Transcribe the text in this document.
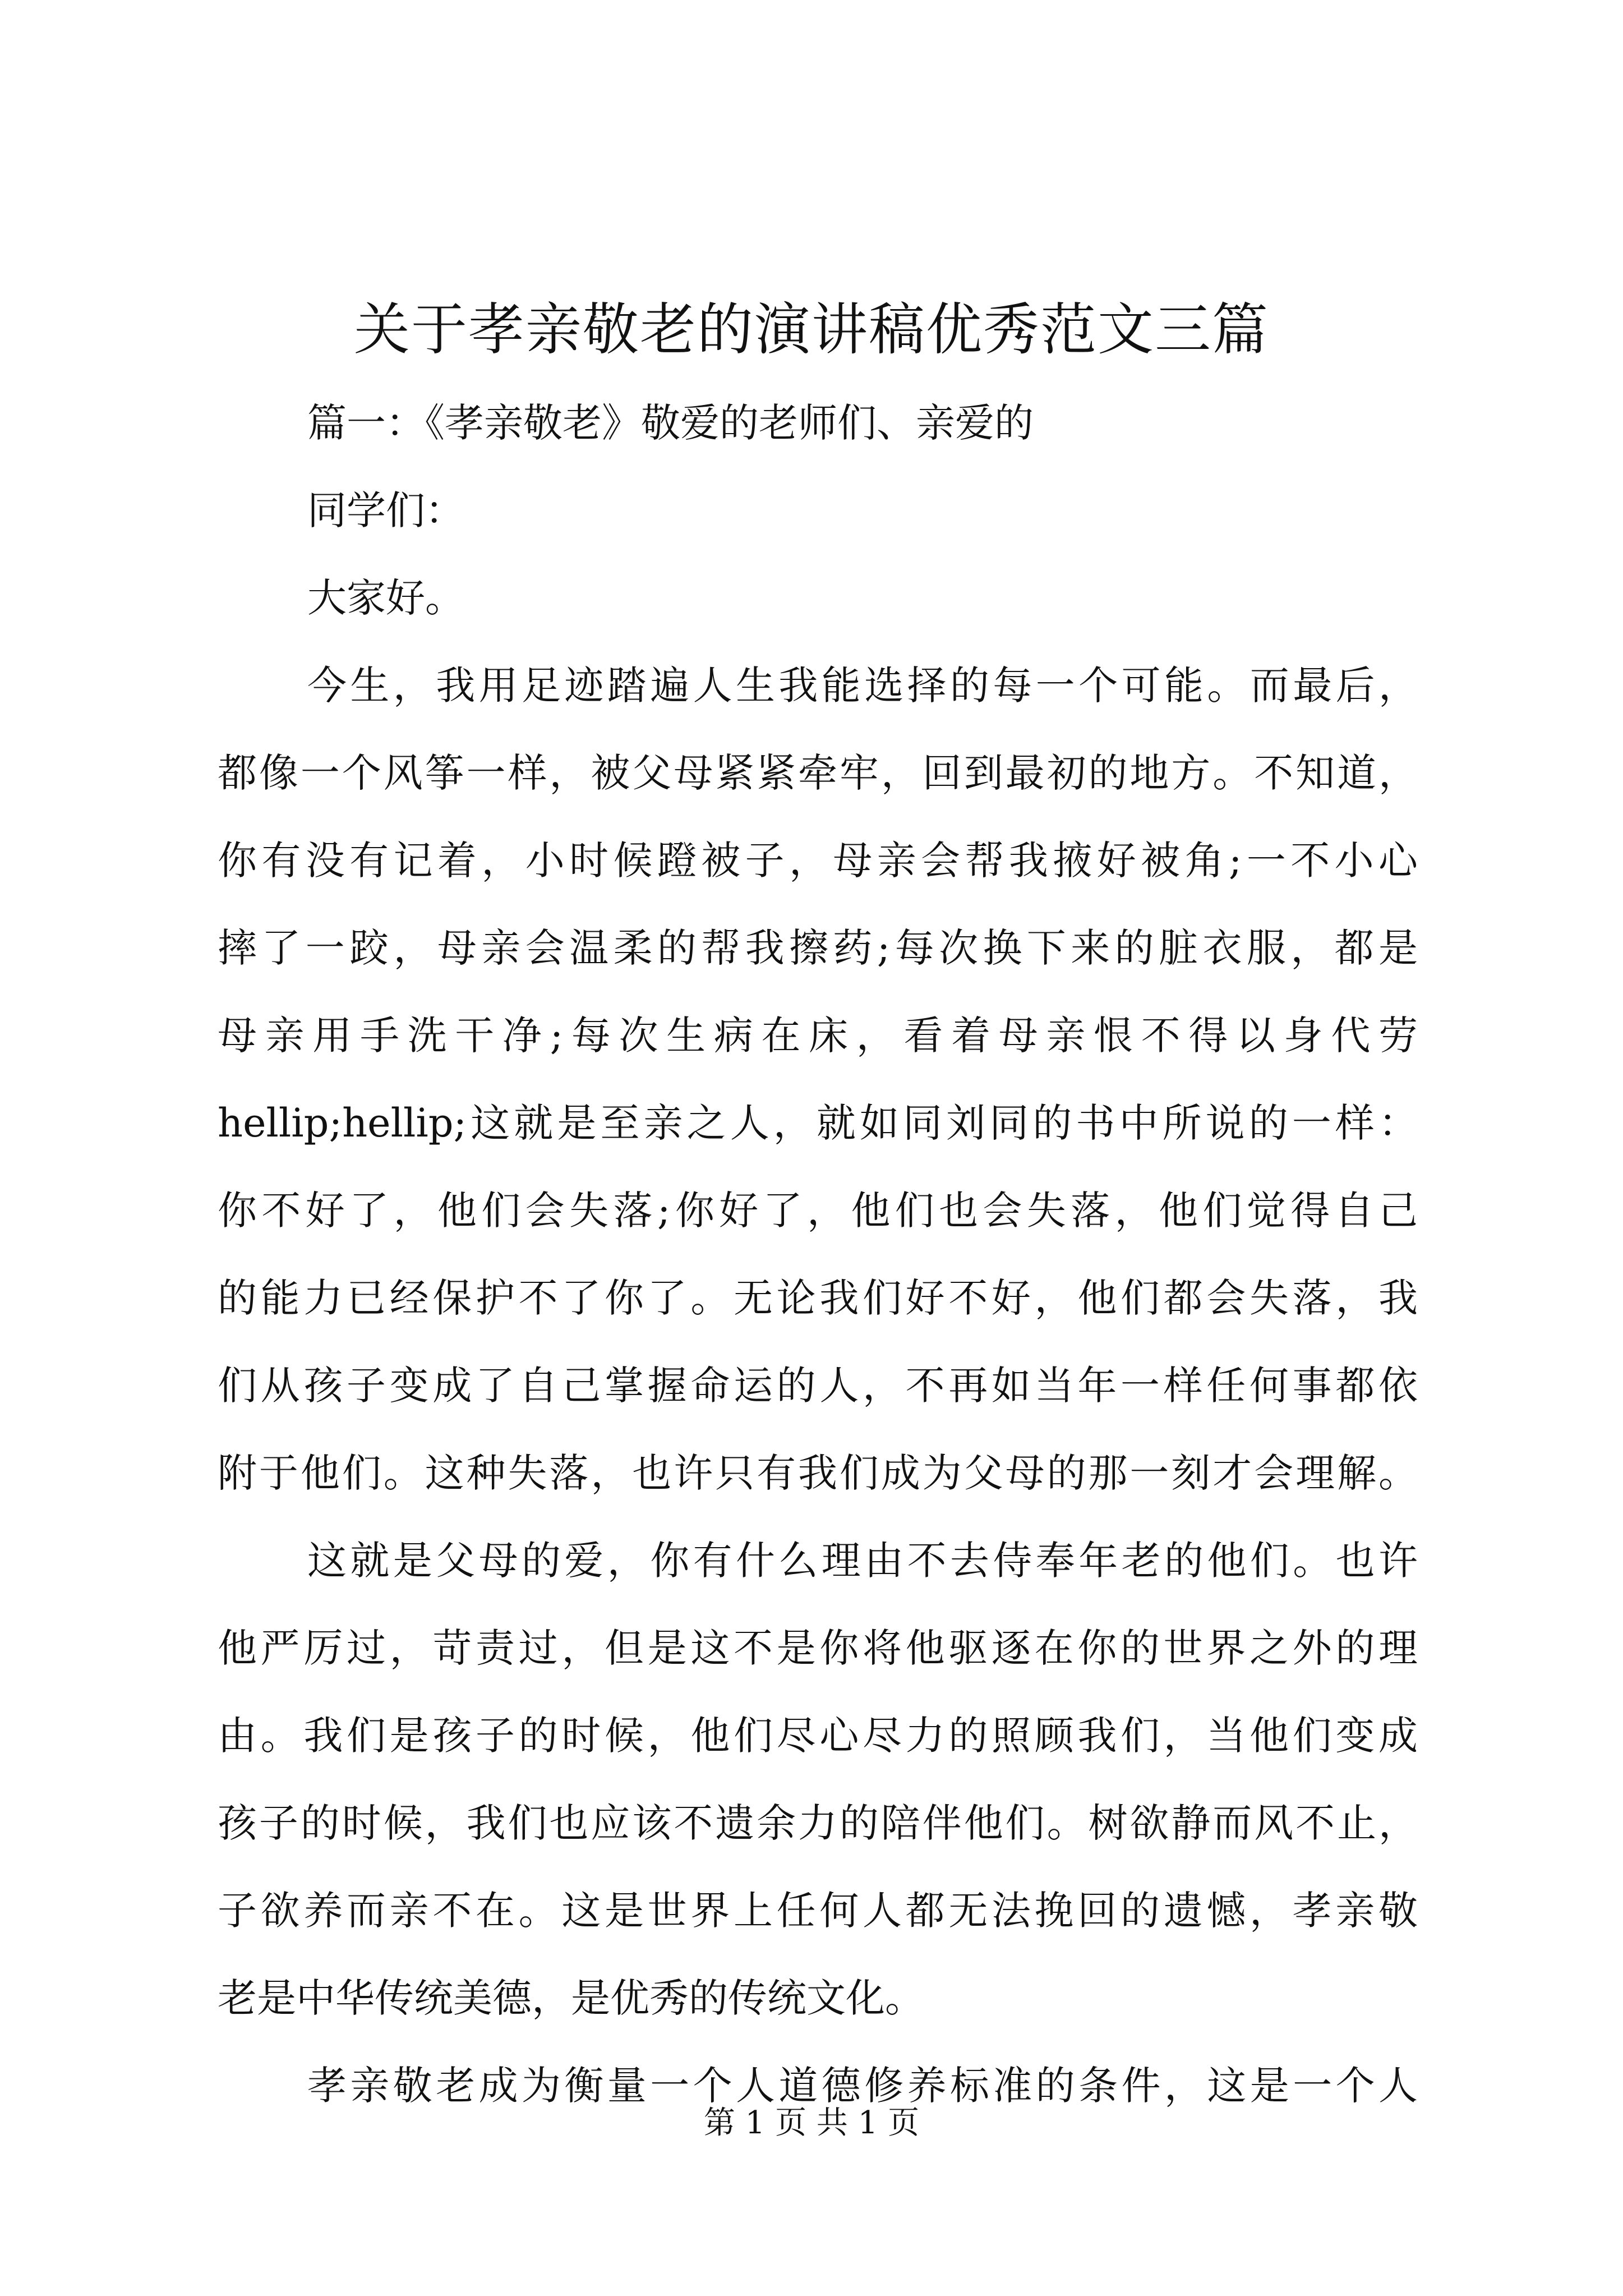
关于孝亲敬老的演讲稿优秀范文三篇
篇一：《孝亲敬老》敬爱的老师们、亲爱的
同学们：
大家好。
今生，我用足迹踏遍人生我能选择的每一个可能。而最后，
都像一个风筝一样，被父母紧紧牵牢，回到最初的地方。不知道，
你有没有记着，小时候蹬被子，母亲会帮我掖好被角;一不小心
摔了一跤，母亲会温柔的帮我擦药;每次换下来的脏衣服，都是
母亲用手洗干净;每次生病在床，看着母亲恨不得以身代劳
hellip;hellip;这就是至亲之人，就如同刘同的书中所说的一样：
你不好了，他们会失落;你好了，他们也会失落，他们觉得自己
的能力已经保护不了你了。无论我们好不好，他们都会失落，我
们从孩子变成了自己掌握命运的人，不再如当年一样任何事都依
附于他们。这种失落，也许只有我们成为父母的那一刻才会理解。
这就是父母的爱，你有什么理由不去侍奉年老的他们。也许
他严厉过，苛责过，但是这不是你将他驱逐在你的世界之外的理
由。我们是孩子的时候，他们尽心尽力的照顾我们，当他们变成
孩子的时候，我们也应该不遗余力的陪伴他们。树欲静而风不止，
子欲养而亲不在。这是世界上任何人都无法挽回的遗憾，孝亲敬
老是中华传统美德，是优秀的传统文化。
孝亲敬老成为衡量一个人道德修养标准的条件，这是一个人
第 1 页 共 1 页
